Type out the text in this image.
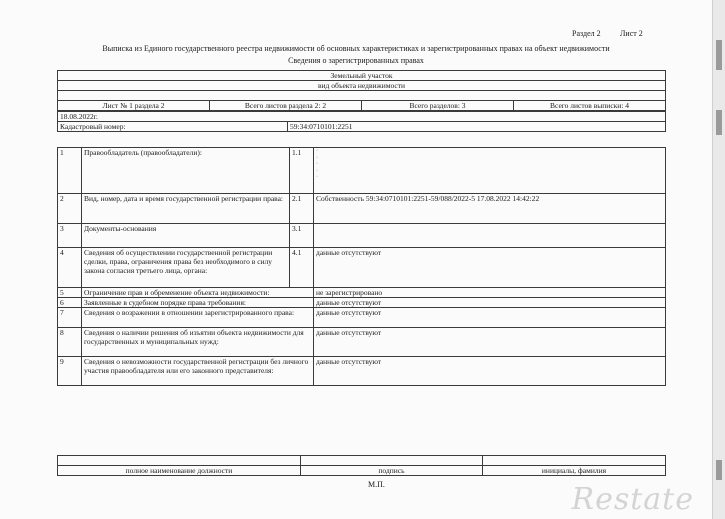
Раздел 2 Лист 2
Выписка из Единого государственного реестра недвижимости об основных характеристиках и зарегистрированных правах на объект недвижимости
Сведения о зарегистрированных правах
Земельный участок
вид объекта недвижимости

Лист № 1 раздела 2	Всего листов раздела 2: 2	Всего разделов: 3	Всего листов выписки: 4
18.08.2022г.
Кадастровый номер:	59:34:0710101:2251
1	Правообладатель (правообладатели):	1.1	·
·
·
·
·

2	Вид, номер, дата и время государственной регистрации права:	2.1	Собственность 59:34:0710101:2251-59/088/2022-5 17.08.2022 14:42:22
3	Документы-основания	3.1	
4	Сведения об осуществлении государственной регистрации сделки, права, ограничения права без необходимого в силу закона согласия третьего лица, органа:	4.1	данные отсутствуют
5	Ограничение прав и обременение объекта недвижимости:		не зарегистрировано
6	Заявленные в судебном порядке права требования:		данные отсутствуют
7	Сведения о возражении в отношении зарегистрированного права:		данные отсутствуют
8	Сведения о наличии решения об изъятии объекта недвижимости для государственных и муниципальных нужд:		данные отсутствуют
9	Сведения о невозможности государственной регистрации без личного участия правообладателя или его законного представителя:		данные отсутствуют

полное наименование должности	подпись	инициалы, фамилия
М.П.	Restate
